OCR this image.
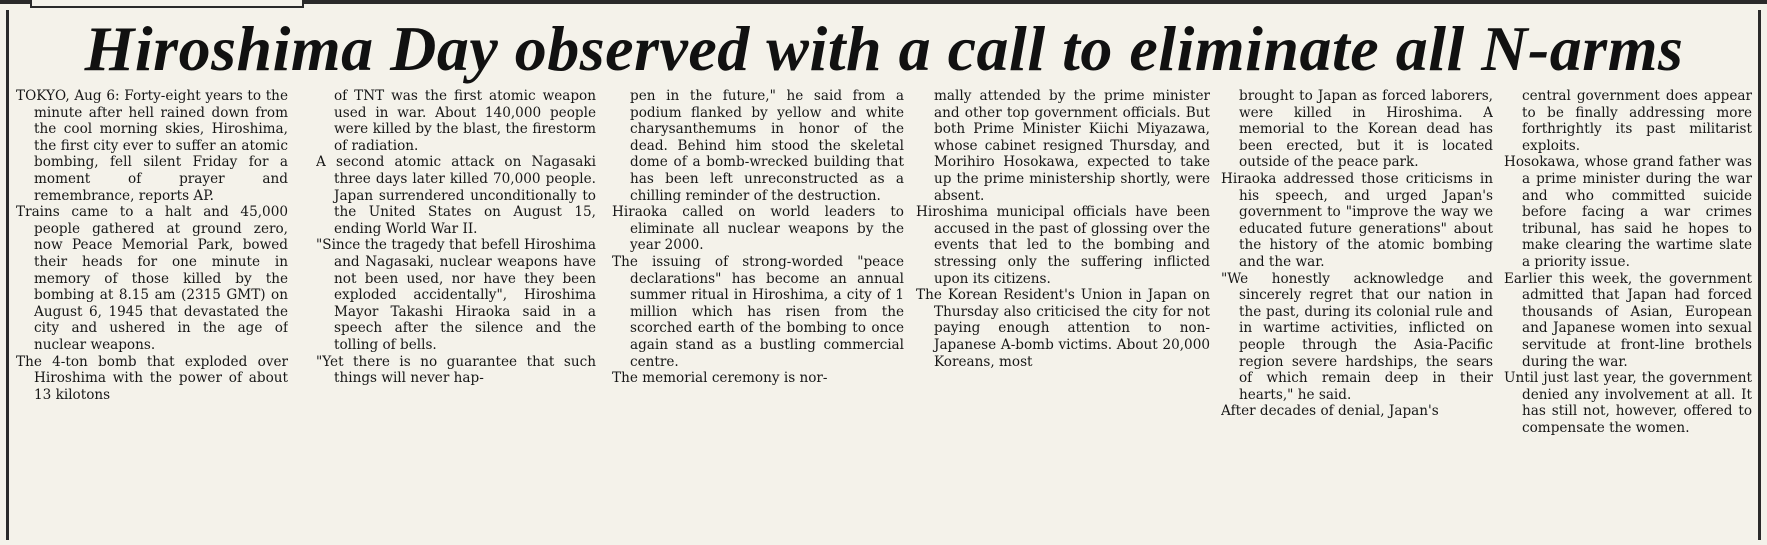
Hiroshima Day observed with a call to eliminate all N-arms

TOKYO, Aug 6: Forty-eight years to the minute after hell rained down from the cool morning skies, Hiroshima, the first city ever to suffer an atomic bombing, fell silent Friday for a moment of prayer and remembrance, reports AP.

Trains came to a halt and 45,000 people gathered at ground zero, now Peace Memorial Park, bowed their heads for one minute in memory of those killed by the bombing at 8.15 am (2315 GMT) on August 6, 1945 that devastated the city and ushered in the age of nuclear weapons.

The 4-ton bomb that exploded over Hiroshima with the power of about 13 kilotons

of TNT was the first atomic weapon used in war. About 140,000 people were killed by the blast, the firestorm of radiation.

A second atomic attack on Nagasaki three days later killed 70,000 people. Japan surrendered unconditionally to the United States on August 15, ending World War II.

"Since the tragedy that befell Hiroshima and Nagasaki, nuclear weapons have not been used, nor have they been exploded accidentally", Hiroshima Mayor Takashi Hiraoka said in a speech after the silence and the tolling of bells.

"Yet there is no guarantee that such things will never hap-

pen in the future," he said from a podium flanked by yellow and white charysanthemums in honor of the dead. Behind him stood the skeletal dome of a bomb-wrecked building that has been left unreconstructed as a chilling reminder of the destruction.

Hiraoka called on world leaders to eliminate all nuclear weapons by the year 2000.

The issuing of strong-worded "peace declarations" has become an annual summer ritual in Hiroshima, a city of 1 million which has risen from the scorched earth of the bombing to once again stand as a bustling commercial centre.

The memorial ceremony is nor-

mally attended by the prime minister and other top government officials. But both Prime Minister Kiichi Miyazawa, whose cabinet resigned Thursday, and Morihiro Hosokawa, expected to take up the prime ministership shortly, were absent.

Hiroshima municipal officials have been accused in the past of glossing over the events that led to the bombing and stressing only the suffering inflicted upon its citizens.

The Korean Resident's Union in Japan on Thursday also criticised the city for not paying enough attention to non-Japanese A-bomb victims. About 20,000 Koreans, most

brought to Japan as forced laborers, were killed in Hiroshima. A memorial to the Korean dead has been erected, but it is located outside of the peace park.

Hiraoka addressed those criticisms in his speech, and urged Japan's government to "improve the way we educated future generations" about the history of the atomic bombing and the war.

"We honestly acknowledge and sincerely regret that our nation in the past, during its colonial rule and in wartime activities, inflicted on people through the Asia-Pacific region severe hardships, the sears of which remain deep in their hearts," he said.

After decades of denial, Japan's

central government does appear to be finally addressing more forthrightly its past militarist exploits.

Hosokawa, whose grand father was a prime minister during the war and who committed suicide before facing a war crimes tribunal, has said he hopes to make clearing the wartime slate a priority issue.

Earlier this week, the government admitted that Japan had forced thousands of Asian, European and Japanese women into sexual servitude at front-line brothels during the war.

Until just last year, the government denied any involvement at all. It has still not, however, offered to compensate the women.
